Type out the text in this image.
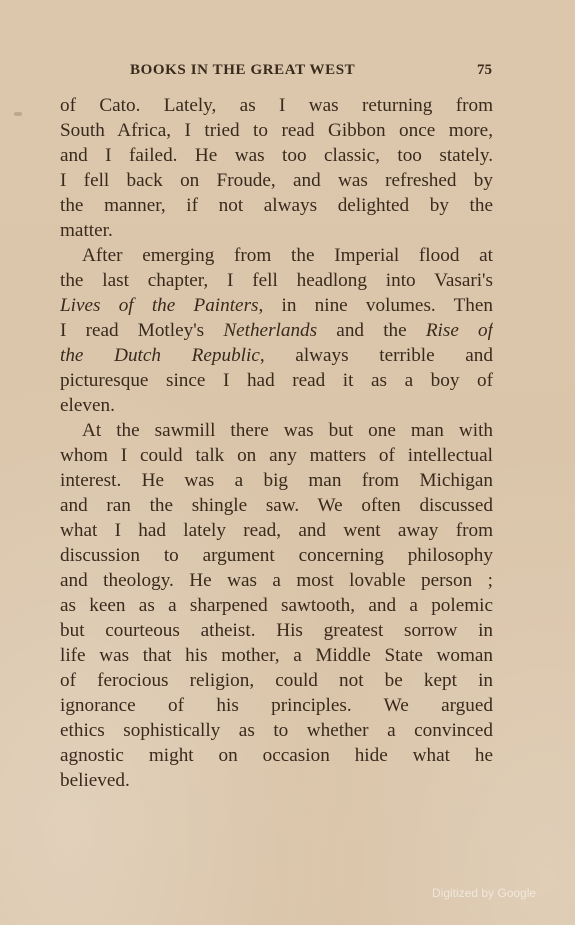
BOOKS IN THE GREAT WEST	75
of Cato. Lately, as I was returning from
South Africa, I tried to read Gibbon once more,
and I failed. He was too classic, too stately.
I fell back on Froude, and was refreshed by
the manner, if not always delighted by the
matter.
After emerging from the Imperial flood at
the last chapter, I fell headlong into Vasari's
Lives of the Painters, in nine volumes. Then
I read Motley's Netherlands and the Rise of
the Dutch Republic, always terrible and
picturesque since I had read it as a boy of
eleven.
At the sawmill there was but one man with
whom I could talk on any matters of intellectual
interest. He was a big man from Michigan
and ran the shingle saw. We often discussed
what I had lately read, and went away from
discussion to argument concerning philosophy
and theology. He was a most lovable person ;
as keen as a sharpened sawtooth, and a polemic
but courteous atheist. His greatest sorrow in
life was that his mother, a Middle State woman
of ferocious religion, could not be kept in
ignorance of his principles. We argued
ethics sophistically as to whether a convinced
agnostic might on occasion hide what he
believed.
Digitized by Google
